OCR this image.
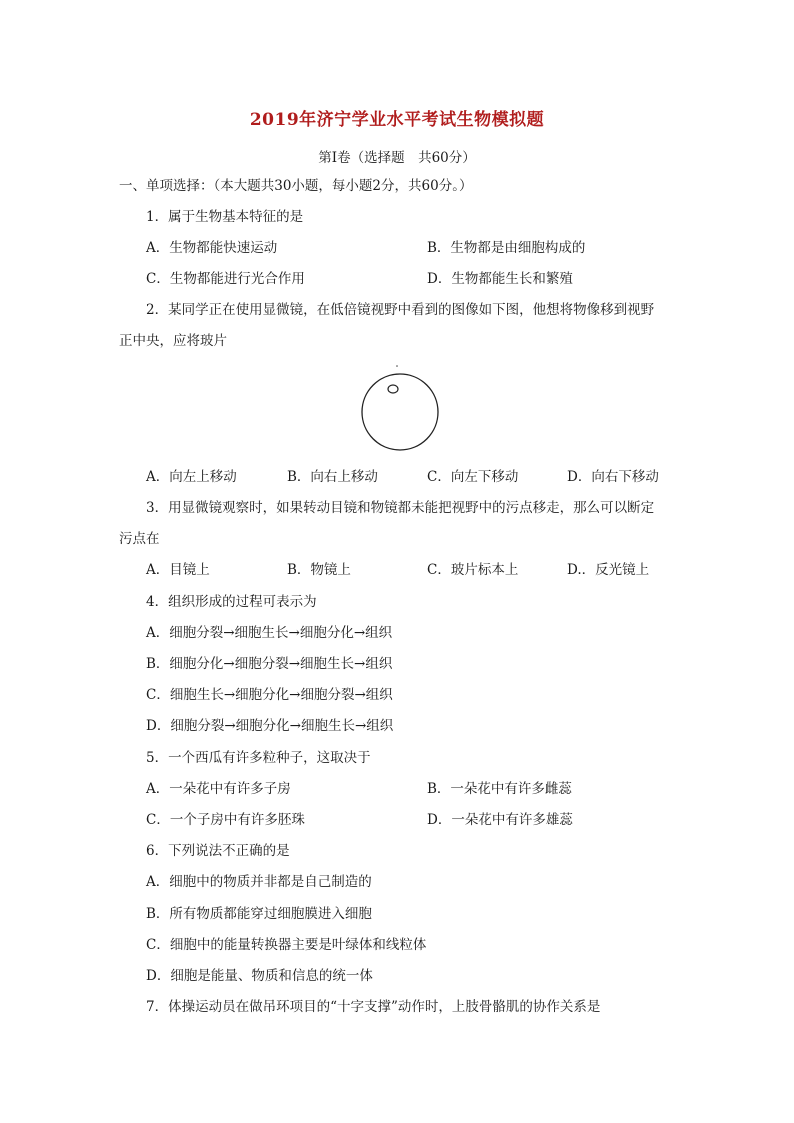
2019年济宁学业水平考试生物模拟题
第Ⅰ卷（选择题　共60分）
一、单项选择：（本大题共30小题，每小题2分，共60分。）
1．属于生物基本特征的是
A．生物都能快速运动	B．生物都是由细胞构成的
C．生物都能进行光合作用	D．生物都能生长和繁殖
2．某同学正在使用显微镜，在低倍镜视野中看到的图像如下图，他想将物像移到视野
正中央，应将玻片
A．向左上移动	B．向右上移动	C．向左下移动	D．向右下移动
3．用显微镜观察时，如果转动目镜和物镜都未能把视野中的污点移走，那么可以断定
污点在
A．目镜上	B．物镜上	C．玻片标本上	D.．反光镜上
4．组织形成的过程可表示为
A．细胞分裂→细胞生长→细胞分化→组织
B．细胞分化→细胞分裂→细胞生长→组织
C．细胞生长→细胞分化→细胞分裂→组织
D．细胞分裂→细胞分化→细胞生长→组织
5．一个西瓜有许多粒种子，这取决于
A．一朵花中有许多子房	B．一朵花中有许多雌蕊
C．一个子房中有许多胚珠	D．一朵花中有许多雄蕊
6．下列说法不正确的是
A．细胞中的物质并非都是自己制造的
B．所有物质都能穿过细胞膜进入细胞
C．细胞中的能量转换器主要是叶绿体和线粒体
D．细胞是能量、物质和信息的统一体
7．体操运动员在做吊环项目的“十字支撑”动作时，上肢骨骼肌的协作关系是
